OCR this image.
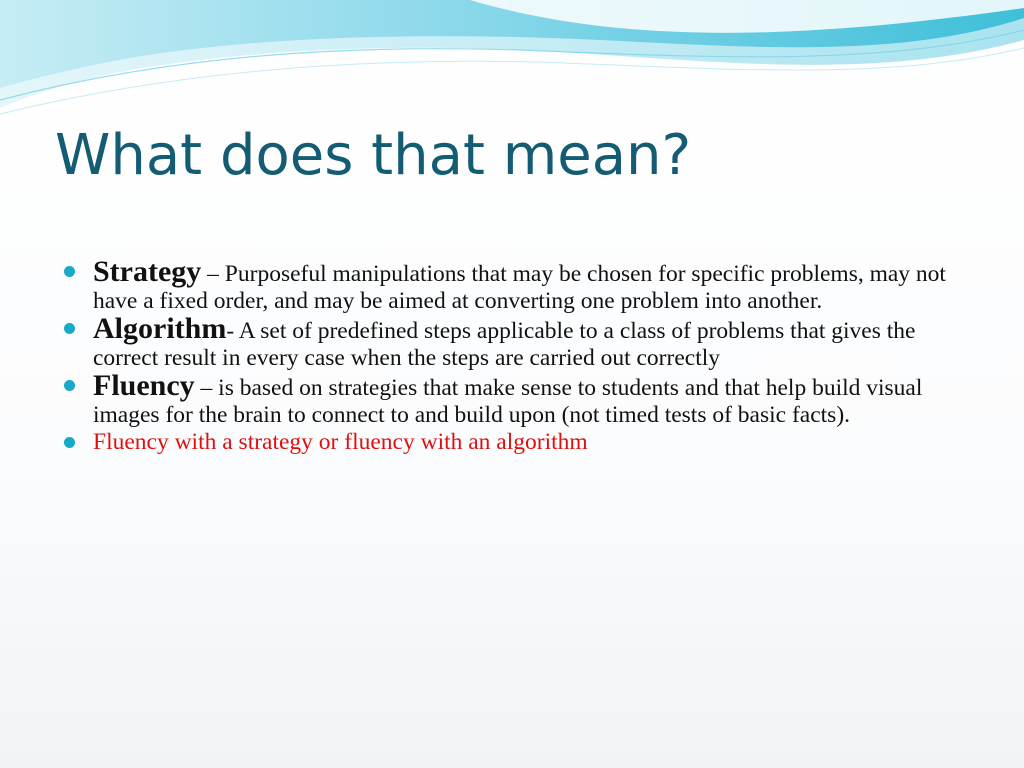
What does that mean?
Strategy – Purposeful manipulations that may be chosen for specific problems, may not have a fixed order, and may be aimed at converting one problem into another.
Algorithm- A set of predefined steps applicable to a class of problems that gives the correct result in every case when the steps are carried out correctly
Fluency – is based on strategies that make sense to students and that help build visual images for the brain to connect to and build upon (not timed tests of basic facts).
Fluency with a strategy or fluency with an algorithm
